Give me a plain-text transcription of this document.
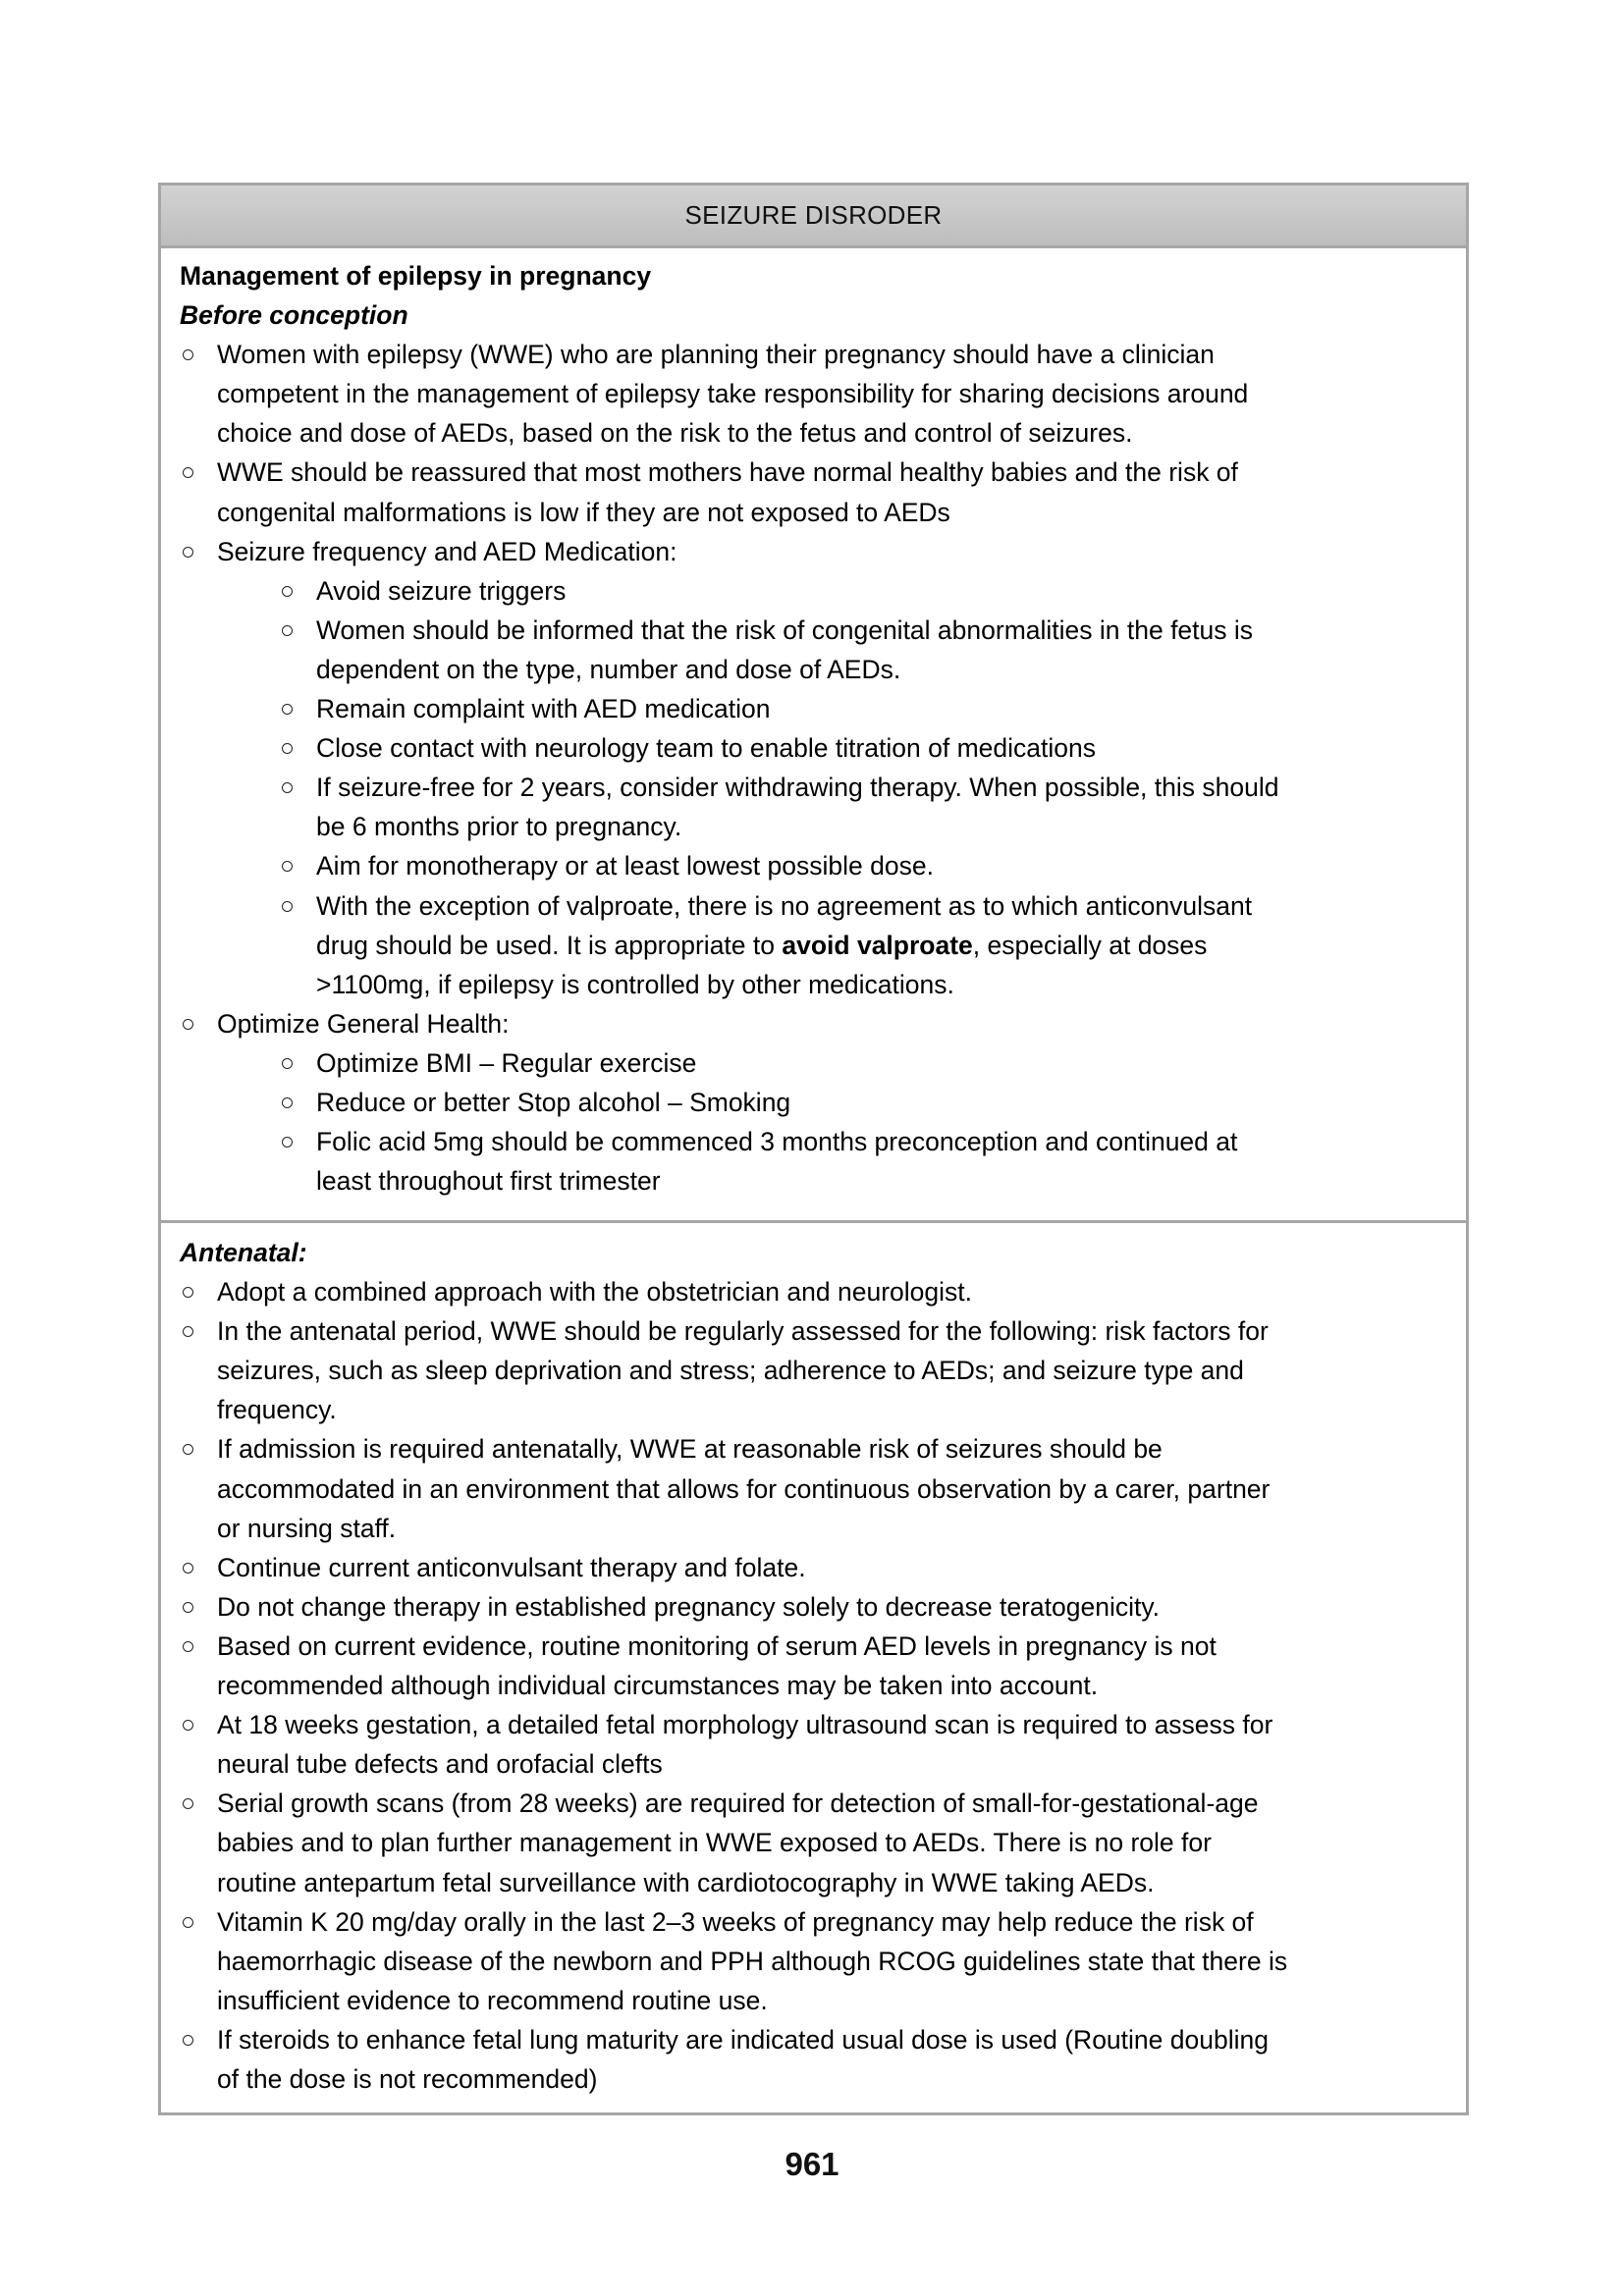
SEIZURE DISRODER
Management of epilepsy in pregnancy
Before conception
Women with epilepsy (WWE) who are planning their pregnancy should have a clinician
competent in the management of epilepsy take responsibility for sharing decisions around
choice and dose of AEDs, based on the risk to the fetus and control of seizures.
WWE should be reassured that most mothers have normal healthy babies and the risk of
congenital malformations is low if they are not exposed to AEDs
Seizure frequency and AED Medication:
Avoid seizure triggers
Women should be informed that the risk of congenital abnormalities in the fetus is
dependent on the type, number and dose of AEDs.
Remain complaint with AED medication
Close contact with neurology team to enable titration of medications
If seizure-free for 2 years, consider withdrawing therapy. When possible, this should
be 6 months prior to pregnancy.
Aim for monotherapy or at least lowest possible dose.
With the exception of valproate, there is no agreement as to which anticonvulsant
drug should be used. It is appropriate to avoid valproate, especially at doses
>1100mg, if epilepsy is controlled by other medications.
Optimize General Health:
Optimize BMI – Regular exercise
Reduce or better Stop alcohol – Smoking
Folic acid 5mg should be commenced 3 months preconception and continued at
least throughout first trimester
Antenatal:
Adopt a combined approach with the obstetrician and neurologist.
In the antenatal period, WWE should be regularly assessed for the following: risk factors for
seizures, such as sleep deprivation and stress; adherence to AEDs; and seizure type and
frequency.
If admission is required antenatally, WWE at reasonable risk of seizures should be
accommodated in an environment that allows for continuous observation by a carer, partner
or nursing staff.
Continue current anticonvulsant therapy and folate.
Do not change therapy in established pregnancy solely to decrease teratogenicity.
Based on current evidence, routine monitoring of serum AED levels in pregnancy is not
recommended although individual circumstances may be taken into account.
At 18 weeks gestation, a detailed fetal morphology ultrasound scan is required to assess for
neural tube defects and orofacial clefts
Serial growth scans (from 28 weeks) are required for detection of small-for-gestational-age
babies and to plan further management in WWE exposed to AEDs. There is no role for
routine antepartum fetal surveillance with cardiotocography in WWE taking AEDs.
Vitamin K 20 mg/day orally in the last 2–3 weeks of pregnancy may help reduce the risk of
haemorrhagic disease of the newborn and PPH although RCOG guidelines state that there is
insufficient evidence to recommend routine use.
If steroids to enhance fetal lung maturity are indicated usual dose is used (Routine doubling
of the dose is not recommended)
961
